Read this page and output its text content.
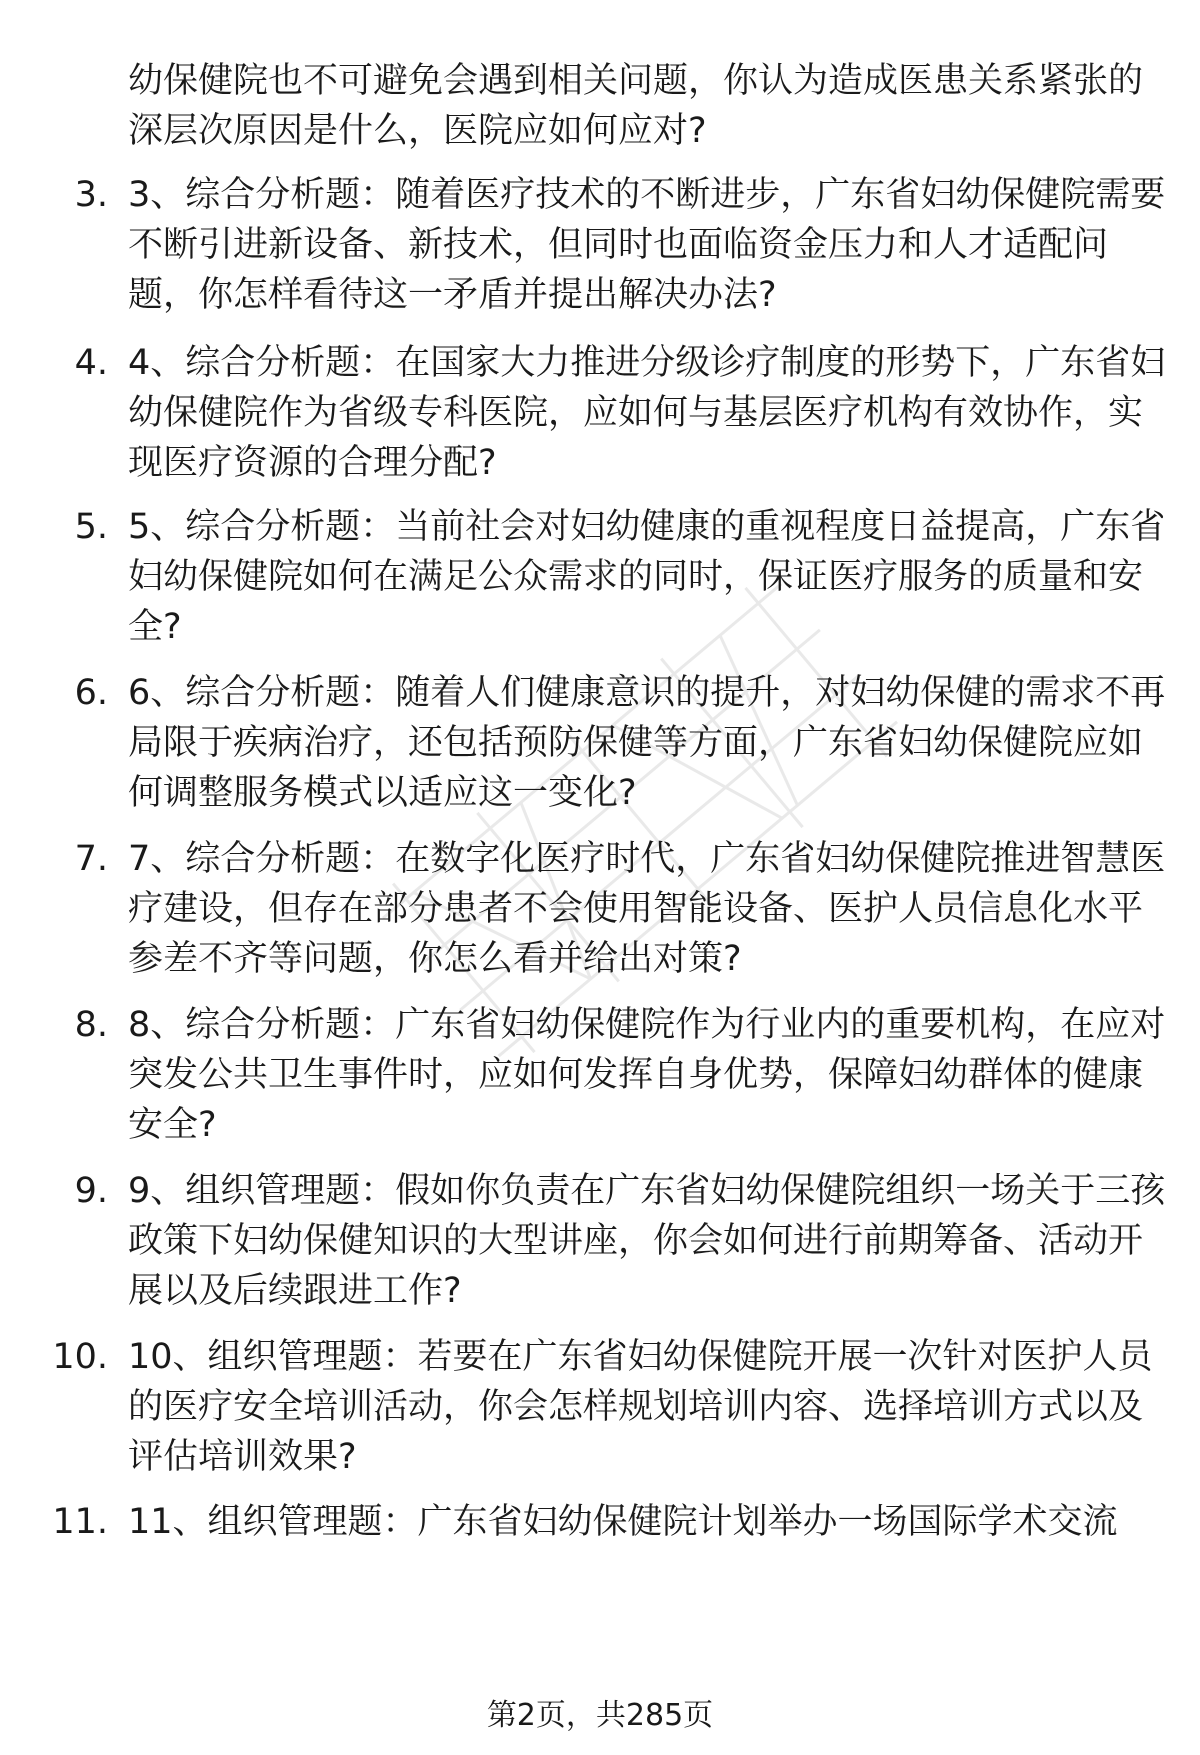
幼保健院也不可避免会遇到相关问题，你认为造成医患关系紧张的深层次原因是什么，医院应如何应对?
3. 3、综合分析题：随着医疗技术的不断进步，广东省妇幼保健院需要不断引进新设备、新技术，但同时也面临资金压力和人才适配问题，你怎样看待这一矛盾并提出解决办法?
4. 4、综合分析题：在国家大力推进分级诊疗制度的形势下，广东省妇幼保健院作为省级专科医院，应如何与基层医疗机构有效协作，实现医疗资源的合理分配?
5. 5、综合分析题：当前社会对妇幼健康的重视程度日益提高，广东省妇幼保健院如何在满足公众需求的同时，保证医疗服务的质量和安全?
6. 6、综合分析题：随着人们健康意识的提升，对妇幼保健的需求不再局限于疾病治疗，还包括预防保健等方面，广东省妇幼保健院应如何调整服务模式以适应这一变化?
7. 7、综合分析题：在数字化医疗时代，广东省妇幼保健院推进智慧医疗建设，但存在部分患者不会使用智能设备、医护人员信息化水平参差不齐等问题，你怎么看并给出对策?
8. 8、综合分析题：广东省妇幼保健院作为行业内的重要机构，在应对突发公共卫生事件时，应如何发挥自身优势，保障妇幼群体的健康安全?
9. 9、组织管理题：假如你负责在广东省妇幼保健院组织一场关于三孩政策下妇幼保健知识的大型讲座，你会如何进行前期筹备、活动开展以及后续跟进工作?
10. 10、组织管理题：若要在广东省妇幼保健院开展一次针对医护人员的医疗安全培训活动，你会怎样规划培训内容、选择培训方式以及评估培训效果?
11. 11、组织管理题：广东省妇幼保健院计划举办一场国际学术交流
第2页，共285页
